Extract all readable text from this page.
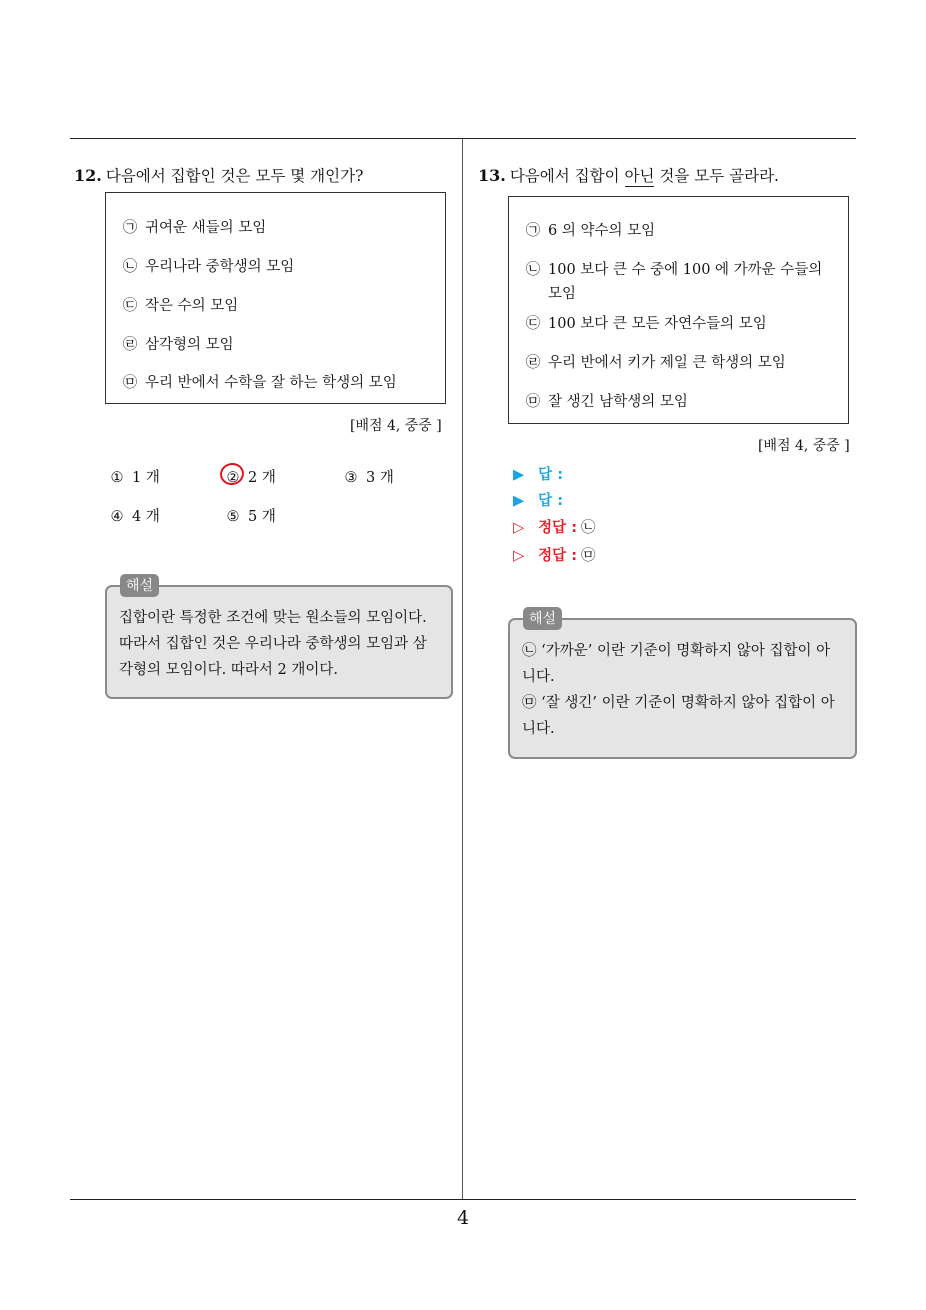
4
12. 다음에서 집합인 것은 모두 몇 개인가?
㉠ 귀여운 새들의 모임
㉡ 우리나라 중학생의 모임
㉢ 작은 수의 모임
㉣ 삼각형의 모임
㉤ 우리 반에서 수학을 잘 하는 학생의 모임
[배점 4, 중중 ]
① 1 개	② 2 개	③ 3 개
④ 4 개	⑤ 5 개

집합이란 특정한 조건에 맞는 원소들의 모임이다.

따라서 집합인 것은 우리나라 중학생의 모임과 삼

각형의 모임이다. 따라서 2 개이다.

해설
13. 다음에서 집합이 아닌 것을 모두 골라라.
㉠ 6 의 약수의 모임
㉡ 100 보다 큰 수 중에 100 에 가까운 수들의
모임
㉢ 100 보다 큰 모든 자연수들의 모임
㉣ 우리 반에서 키가 제일 큰 학생의 모임
㉤ 잘 생긴 남학생의 모임
[배점 4, 중중 ]
▶ 답 :
▶ 답 :
▷ 정답 : ㉡
▷ 정답 : ㉤

㉡ ‘가까운’ 이란 기준이 명확하지 않아 집합이 아

니다.

㉤ ‘잘 생긴’ 이란 기준이 명확하지 않아 집합이 아

니다.

해설
